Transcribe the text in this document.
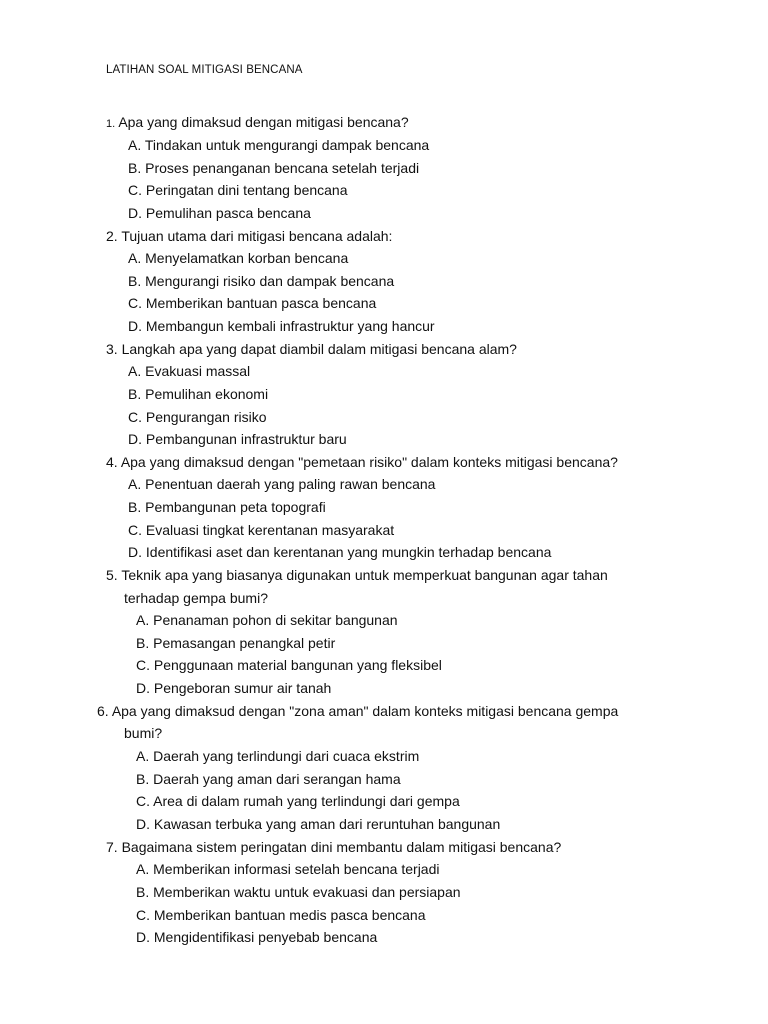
LATIHAN SOAL MITIGASI BENCANA
1. Apa yang dimaksud dengan mitigasi bencana?
A. Tindakan untuk mengurangi dampak bencana
B. Proses penanganan bencana setelah terjadi
C. Peringatan dini tentang bencana
D. Pemulihan pasca bencana
2. Tujuan utama dari mitigasi bencana adalah:
A. Menyelamatkan korban bencana
B. Mengurangi risiko dan dampak bencana
C. Memberikan bantuan pasca bencana
D. Membangun kembali infrastruktur yang hancur
3. Langkah apa yang dapat diambil dalam mitigasi bencana alam?
A. Evakuasi massal
B. Pemulihan ekonomi
C. Pengurangan risiko
D. Pembangunan infrastruktur baru
4. Apa yang dimaksud dengan "pemetaan risiko" dalam konteks mitigasi bencana?
A. Penentuan daerah yang paling rawan bencana
B. Pembangunan peta topografi
C. Evaluasi tingkat kerentanan masyarakat
D. Identifikasi aset dan kerentanan yang mungkin terhadap bencana
5. Teknik apa yang biasanya digunakan untuk memperkuat bangunan agar tahan
terhadap gempa bumi?
A. Penanaman pohon di sekitar bangunan
B. Pemasangan penangkal petir
C. Penggunaan material bangunan yang fleksibel
D. Pengeboran sumur air tanah
6. Apa yang dimaksud dengan "zona aman" dalam konteks mitigasi bencana gempa
bumi?
A. Daerah yang terlindungi dari cuaca ekstrim
B. Daerah yang aman dari serangan hama
C. Area di dalam rumah yang terlindungi dari gempa
D. Kawasan terbuka yang aman dari reruntuhan bangunan
7. Bagaimana sistem peringatan dini membantu dalam mitigasi bencana?
A. Memberikan informasi setelah bencana terjadi
B. Memberikan waktu untuk evakuasi dan persiapan
C. Memberikan bantuan medis pasca bencana
D. Mengidentifikasi penyebab bencana
